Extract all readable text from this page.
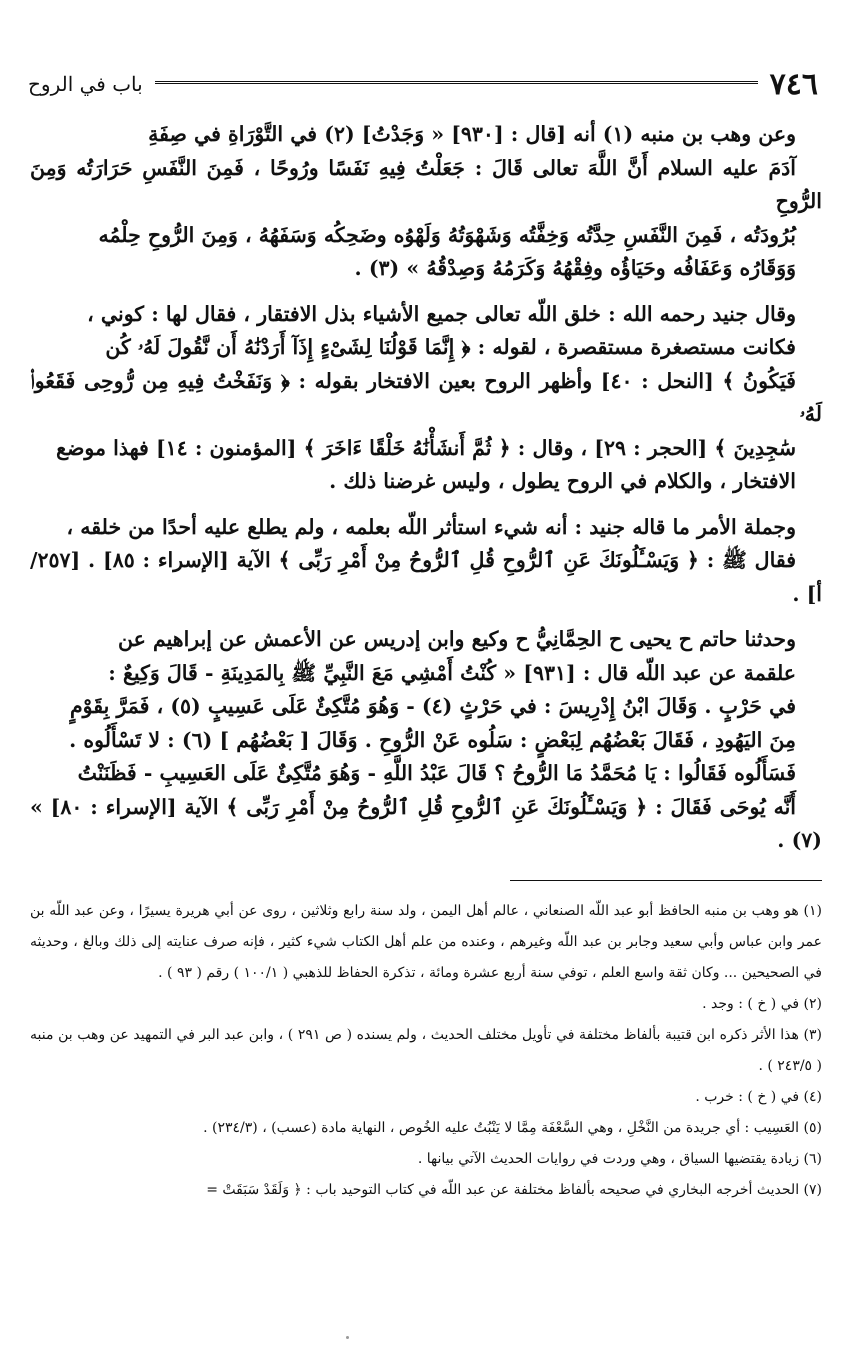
٧٤٦
باب في الروح

وعن وهب بن منبه (١) أنه [قال : [٩٣٠] « وَجَدْتُ] (٢) في التَّوْرَاةِ في صِفَةِ
آدَمَ عليه السلام أَنَّ اللَّهَ تعالى قَالَ : جَعَلْتُ فِيهِ نَفَسًا ورُوحًا ، فَمِنَ النَّفَسِ حَرَارَتُه وَمِنَ الرُّوحِ
بُرُودَتُه ، فَمِنَ النَّفَسِ حِدَّتُه وَخِفَّتُه وَشَهْوَتُهُ وَلَهْوُه وضَحِكُه وَسَفَهُهُ ، وَمِنَ الرُّوحِ حِلْمُه
وَوَقَارُه وَعَفَافُه وحَيَاؤُه وفِقْهُهُ وَكَرَمُهُ وَصِدْقُهُ » (٣) .

وقال جنيد رحمه الله : خلق اللّه تعالى جميع الأشياء بذل الافتقار ، فقال لها : كوني ،
فكانت مستصغرة مستقصرة ، لقوله : ﴿ إِنَّمَا قَوْلُنَا لِشَىْءٍ إِذَآ أَرَدْنَٰهُ أَن نَّقُولَ لَهُۥ كُن
فَيَكُونُ ﴾ [النحل : ٤٠] وأظهر الروح بعين الافتخار بقوله : ﴿ وَنَفَخْتُ فِيهِ مِن رُّوحِى فَقَعُوا۟ لَهُۥ
سَٰجِدِينَ ﴾ [الحجر : ٢٩] ، وقال : ﴿ ثُمَّ أَنشَأْنَٰهُ خَلْقًا ءَاخَرَ ﴾ [المؤمنون : ١٤] فهذا موضع
الافتخار ، والكلام في الروح يطول ، وليس غرضنا ذلك .

وجملة الأمر ما قاله جنيد : أنه شيء استأثر اللّه بعلمه ، ولم يطلع عليه أحدًا من خلقه ،
فقال ﷺ : ﴿ وَيَسْـَٔلُونَكَ عَنِ ٱلرُّوحِ قُلِ ٱلرُّوحُ مِنْ أَمْرِ رَبِّى ﴾ الآية [الإسراء : ٨٥] . [٢٥٧/أ] .

وحدثنا حاتم ح يحيى ح الحِمَّانِيُّ ح وكيع وابن إدريس عن الأعمش عن إبراهيم عن
علقمة عن عبد اللّه قال : [٩٣١] « كُنْتُ أَمْشِي مَعَ النَّبِيِّ ﷺ بِالمَدِينَةِ - قَالَ وَكِيعٌ :
في حَرْبٍ . وَقَالَ ابْنُ إِدْرِيسَ : في حَرْثٍ (٤) - وَهُوَ مُتَّكِئٌ عَلَى عَسِيبٍ (٥) ، فَمَرَّ بِقَوْمٍ
مِنَ اليَهُودِ ، فَقَالَ بَعْضُهُم لِبَعْضٍ : سَلُوه عَنْ الرُّوحِ . وَقَالَ [ بَعْضُهُم ] (٦) : لا تَسْأَلُوه .
فَسَأَلُوه فَقَالُوا : يَا مُحَمَّدُ مَا الرُّوحُ ؟ قَالَ عَبْدُ اللَّهِ - وَهُوَ مُتَّكِئٌ عَلَى العَسِيبِ - فَظَنَنْتُ
أَنَّه يُوحَى فَقَالَ : ﴿ وَيَسْـَٔلُونَكَ عَنِ ٱلرُّوحِ قُلِ ٱلرُّوحُ مِنْ أَمْرِ رَبِّى ﴾ الآية [الإسراء : ٨٠] » (٧) .

(١) هو وهب بن منبه الحافظ أبو عبد اللّه الصنعاني ، عالم أهل اليمن ، ولد سنة رابع وثلاثين ، روى عن أبي هريرة يسيرًا ، وعن عبد اللّه بن عمر وابن عباس وأبي سعيد وجابر بن عبد اللّه وغيرهم ، وعنده من علم أهل الكتاب شيء كثير ، فإنه صرف عنايته إلى ذلك وبالغ ، وحديثه في الصحيحين ... وكان ثقة واسع العلم ، توفي سنة أربع عشرة ومائة ، تذكرة الحفاظ للذهبي ( ١٠٠/١ ) رقم ( ٩٣ ) .

(٢) في ( خ ) : وجد .

(٣) هذا الأثر ذكره ابن قتيبة بألفاظ مختلفة في تأويل مختلف الحديث ، ولم يسنده ( ص ٢٩١ ) ، وابن عبد البر في التمهيد عن وهب بن منبه ( ٢٤٣/٥ ) .

(٤) في ( خ ) : خرب .

(٥) العَسِيب : أي جريدة من النَّخْلِ ، وهي السَّعْفَة مِمَّا لا يَنْبُتُ عليه الخُوص ، النهاية مادة (عسب) ، (٢٣٤/٣) .

(٦) زيادة يقتضيها السياق ، وهي وردت في روايات الحديث الآتي بيانها .

(٧) الحديث أخرجه البخاري في صحيحه بألفاظ مختلفة عن عبد اللّه في كتاب التوحيد باب : ﴿ وَلَقَدْ سَبَقَتْ =
